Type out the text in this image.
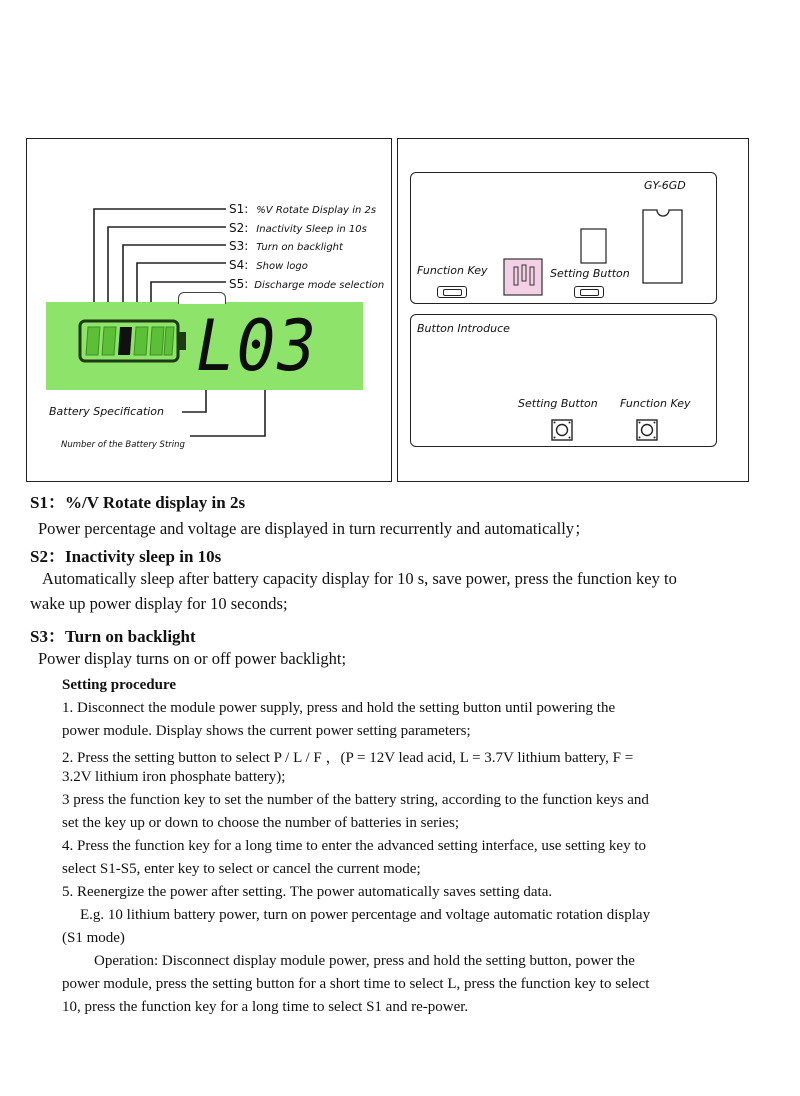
S1: %V Rotate Display in 2s
S2: Inactivity Sleep in 10s
S3: Turn on backlight
S4: Show logo
S5: Discharge mode selection
L03
Battery Specification
Number of the Battery String
GY-6GD
Function Key	Setting Button
Button Introduce
Setting Button Function Key
S1：%/V Rotate display in 2s
Power percentage and voltage are displayed in turn recurrently and automatically；
S2：Inactivity sleep in 10s
Automatically sleep after battery capacity display for 10 s, save power, press the function key to
wake up power display for 10 seconds;
S3：Turn on backlight
Power display turns on or off power backlight;
Setting procedure
1. Disconnect the module power supply, press and hold the setting button until powering the
power module. Display shows the current power setting parameters;
2. Press the setting button to select P / L / F ，(P = 12V lead acid, L = 3.7V lithium battery, F =
3.2V lithium iron phosphate battery);
3 press the function key to set the number of the battery string, according to the function keys and
set the key up or down to choose the number of batteries in series;
4. Press the function key for a long time to enter the advanced setting interface, use setting key to
select S1-S5, enter key to select or cancel the current mode;
5. Reenergize the power after setting. The power automatically saves setting data.
E.g. 10 lithium battery power, turn on power percentage and voltage automatic rotation display
(S1 mode)
Operation: Disconnect display module power, press and hold the setting button, power the
power module, press the setting button for a short time to select L, press the function key to select
10, press the function key for a long time to select S1 and re-power.
